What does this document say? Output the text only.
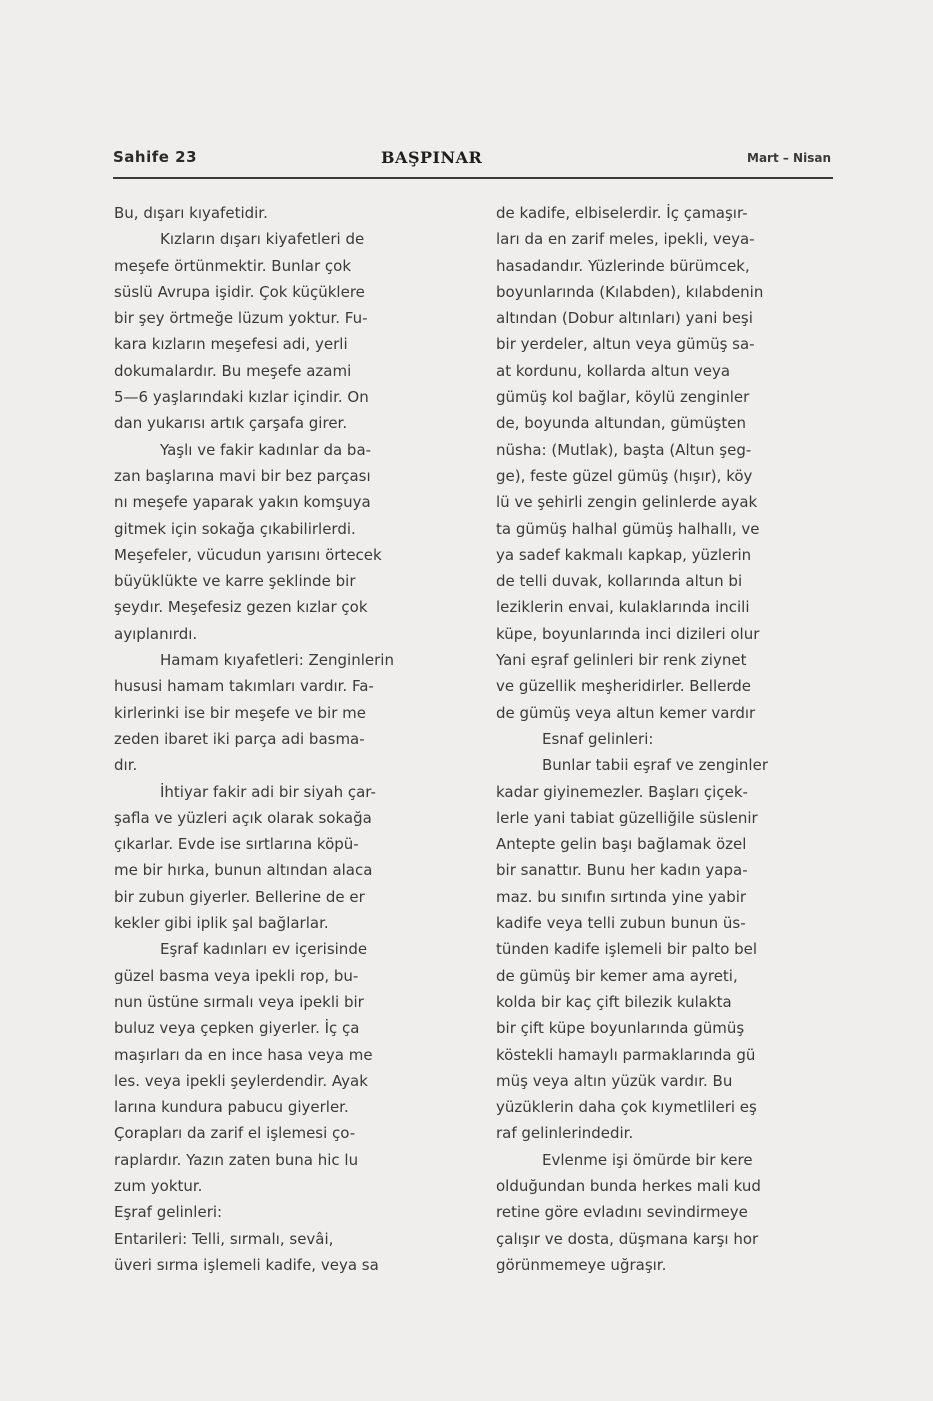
Sahife 23	BAŞPINAR	Mart – Nisan
Bu, dışarı kıyafetidir.
Kızların dışarı kiyafetleri de
meşefe örtünmektir. Bunlar çok
süslü Avrupa işidir. Çok küçüklere
bir şey örtmeğe lüzum yoktur. Fu-
kara kızların meşefesi adi, yerli
dokumalardır. Bu meşefe azami
5—6 yaşlarındaki kızlar içindir. On
dan yukarısı artık çarşafa girer.
Yaşlı ve fakir kadınlar da ba-
zan başlarına mavi bir bez parçası
nı meşefe yaparak yakın komşuya
gitmek için sokağa çıkabilirlerdi.
Meşefeler, vücudun yarısını örtecek
büyüklükte ve karre şeklinde bir
şeydır. Meşefesiz gezen kızlar çok
ayıplanırdı.
Hamam kıyafetleri: Zenginlerin
hususi hamam takımları vardır. Fa-
kirlerinki ise bir meşefe ve bir me
zeden ibaret iki parça adi basma-
dır.
İhtiyar fakir adi bir siyah çar-
şafla ve yüzleri açık olarak sokağa
çıkarlar. Evde ise sırtlarına köpü-
me bir hırka, bunun altından alaca
bir zubun giyerler. Bellerine de er
kekler gibi iplik şal bağlarlar.
Eşraf kadınları ev içerisinde
güzel basma veya ipekli rop, bu-
nun üstüne sırmalı veya ipekli bir
buluz veya çepken giyerler. İç ça
maşırları da en ince hasa veya me
les. veya ipekli şeylerdendir. Ayak
larına kundura pabucu giyerler.
Çorapları da zarif el işlemesi ço-
raplardır. Yazın zaten buna hic lu
zum yoktur.
Eşraf gelinleri:
Entarileri: Telli, sırmalı, sevâi,
üveri sırma işlemeli kadife, veya sa
de kadife, elbiselerdir. İç çamaşır-
ları da en zarif meles, ipekli, veya-
hasadandır. Yüzlerinde bürümcek,
boyunlarında (Kılabden), kılabdenin
altından (Dobur altınları) yani beşi
bir yerdeler, altun veya gümüş sa-
at kordunu, kollarda altun veya
gümüş kol bağlar, köylü zenginler
de, boyunda altundan, gümüşten
nüsha: (Mutlak), başta (Altun şeg-
ge), feste güzel gümüş (hışır), köy
lü ve şehirli zengin gelinlerde ayak
ta gümüş halhal gümüş halhallı, ve
ya sadef kakmalı kapkap, yüzlerin
de telli duvak, kollarında altun bi
leziklerin envai, kulaklarında incili
küpe, boyunlarında inci dizileri olur
Yani eşraf gelinleri bir renk ziynet
ve güzellik meşheridirler. Bellerde
de gümüş veya altun kemer vardır
Esnaf gelinleri:
Bunlar tabii eşraf ve zenginler
kadar giyinemezler. Başları çiçek-
lerle yani tabiat güzelliğile süslenir
Antepte gelin başı bağlamak özel
bir sanattır. Bunu her kadın yapa-
maz. bu sınıfın sırtında yine yabir
kadife veya telli zubun bunun üs-
tünden kadife işlemeli bir palto bel
de gümüş bir kemer ama ayreti,
kolda bir kaç çift bilezik kulakta
bir çift küpe boyunlarında gümüş
köstekli hamaylı parmaklarında gü
müş veya altın yüzük vardır. Bu
yüzüklerin daha çok kıymetlileri eş
raf gelinlerindedir.
Evlenme işi ömürde bir kere
olduğundan bunda herkes mali kud
retine göre evladını sevindirmeye
çalışır ve dosta, düşmana karşı hor
görünmemeye uğraşır.
